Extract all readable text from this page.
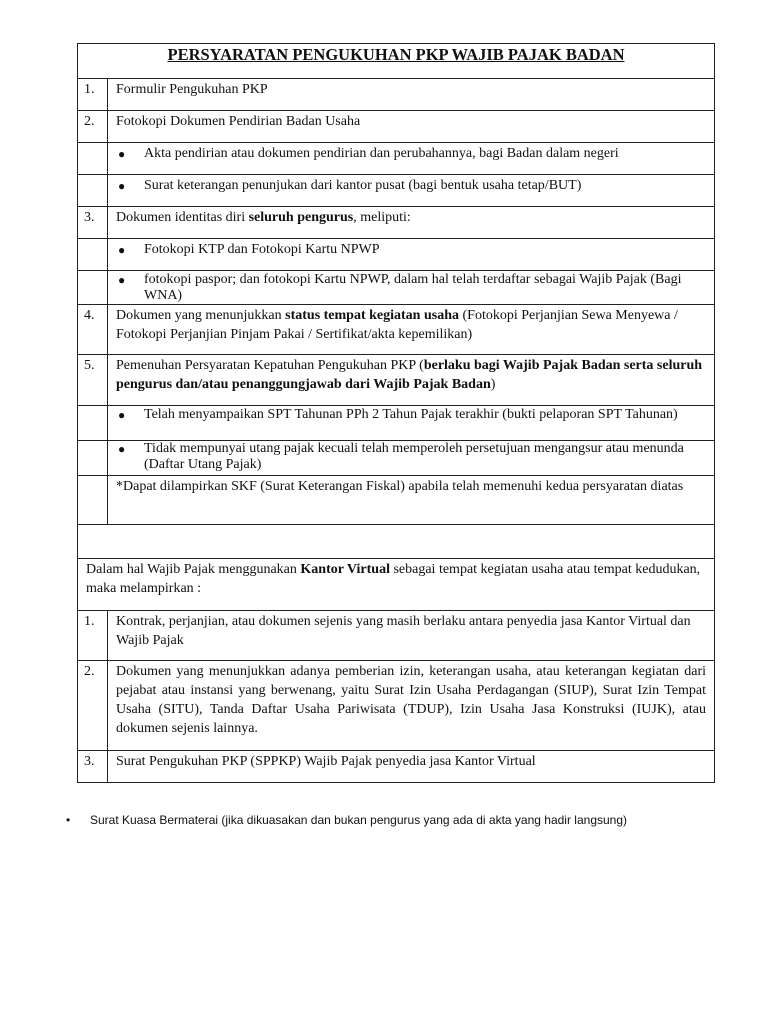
PERSYARATAN PENGUKUHAN PKP WAJIB PAJAK BADAN	
1.	Formulir Pengukuhan PKP
2.	Fotokopi Dokumen Pendirian Badan Usaha

	● Akta pendirian atau dokumen pendirian dan perubahannya, bagi Badan dalam negeri

	● Surat keterangan penunjukan dari kantor pusat (bagi bentuk usaha tetap/BUT)

3.	Dokumen identitas diri seluruh pengurus, meliputi:

	● Fotokopi KTP dan Fotokopi Kartu NPWP

	● fotokopi paspor; dan fotokopi Kartu NPWP, dalam hal telah terdaftar sebagai Wajib Pajak (Bagi WNA)

4.	Dokumen yang menunjukkan status tempat kegiatan usaha (Fotokopi Perjanjian Sewa Menyewa / Fotokopi Perjanjian Pinjam Pakai / Sertifikat/akta kepemilikan)
5.	Pemenuhan Persyaratan Kepatuhan Pengukuhan PKP (berlaku bagi Wajib Pajak Badan serta seluruh pengurus dan/atau penanggungjawab dari Wajib Pajak Badan)

	● Telah menyampaikan SPT Tahunan PPh 2 Tahun Pajak terakhir (bukti pelaporan SPT Tahunan)

	● Tidak mempunyai utang pajak kecuali telah memperoleh persetujuan mengangsur atau menunda (Daftar Utang Pajak)

	*Dapat dilampirkan SKF (Surat Keterangan Fiskal) apabila telah memenuhi kedua persyaratan diatas

Dalam hal Wajib Pajak menggunakan Kantor Virtual sebagai tempat kegiatan usaha atau tempat kedudukan, maka melampirkan :	
1.	Kontrak, perjanjian, atau dokumen sejenis yang masih berlaku antara penyedia jasa Kantor Virtual dan Wajib Pajak
2.	Dokumen yang menunjukkan adanya pemberian izin, keterangan usaha, atau keterangan kegiatan dari pejabat atau instansi yang berwenang, yaitu Surat Izin Usaha Perdagangan (SIUP), Surat Izin Tempat Usaha (SITU), Tanda Daftar Usaha Pariwisata (TDUP), Izin Usaha Jasa Konstruksi (IUJK), atau dokumen sejenis lainnya.
3.	Surat Pengukuhan PKP (SPPKP) Wajib Pajak penyedia jasa Kantor Virtual
•	Surat Kuasa Bermaterai (jika dikuasakan dan bukan pengurus yang ada di akta yang hadir langsung)
